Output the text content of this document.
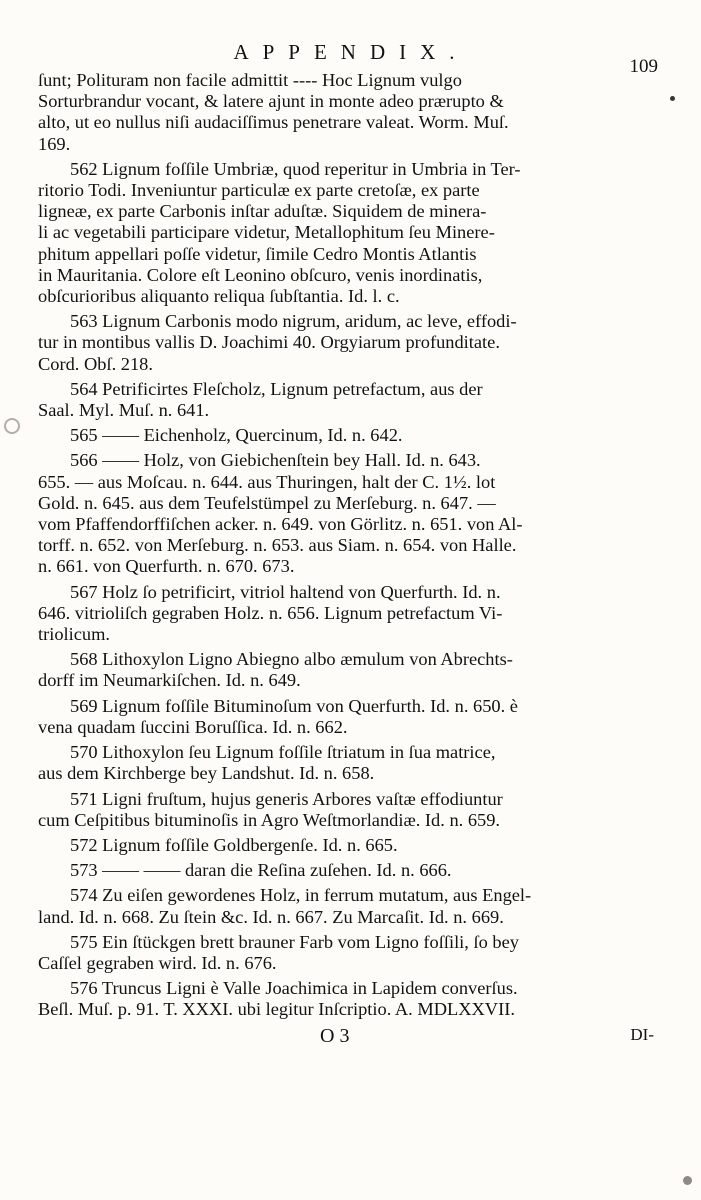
APPENDIX.
109
ſunt; Polituram non facile admittit ---- Hoc Lignum vulgo
Sorturbrandur vocant, & latere ajunt in monte adeo prærupto &
alto, ut eo nullus niſi audaciſſimus penetrare valeat. Worm. Muſ.
169.
562 Lignum foſſile Umbriæ, quod reperitur in Umbria in Ter-
ritorio Todi. Inveniuntur particulæ ex parte cretoſæ, ex parte
ligneæ, ex parte Carbonis inſtar aduſtæ. Siquidem de minera-
li ac vegetabili participare videtur, Metallophitum ſeu Minere-
phitum appellari poſſe videtur, ſimile Cedro Montis Atlantis
in Mauritania. Colore eſt Leonino obſcuro, venis inordinatis,
obſcurioribus aliquanto reliqua ſubſtantia. Id. l. c.
563 Lignum Carbonis modo nigrum, aridum, ac leve, effodi-
tur in montibus vallis D. Joachimi 40. Orgyiarum profunditate.
Cord. Obſ. 218.
564 Petrificirtes Fleſcholz, Lignum petrefactum, aus der
Saal. Myl. Muſ. n. 641.
565 —— Eichenholz, Quercinum, Id. n. 642.
566 —— Holz, von Giebichenſtein bey Hall. Id. n. 643.
655. — aus Moſcau. n. 644. aus Thuringen, halt der C. 1½. lot
Gold. n. 645. aus dem Teufelstümpel zu Merſeburg. n. 647. —
vom Pfaffendorffiſchen acker. n. 649. von Görlitz. n. 651. von Al-
torff. n. 652. von Merſeburg. n. 653. aus Siam. n. 654. von Halle.
n. 661. von Querfurth. n. 670. 673.
567 Holz ſo petrificirt, vitriol haltend von Querfurth. Id. n.
646. vitrioliſch gegraben Holz. n. 656. Lignum petrefactum Vi-
triolicum.
568 Lithoxylon Ligno Abiegno albo æmulum von Abrechts-
dorff im Neumarkiſchen. Id. n. 649.
569 Lignum foſſile Bituminoſum von Querfurth. Id. n. 650. è
vena quadam ſuccini Boruſſica. Id. n. 662.
570 Lithoxylon ſeu Lignum foſſile ſtriatum in ſua matrice,
aus dem Kirchberge bey Landshut. Id. n. 658.
571 Ligni fruſtum, hujus generis Arbores vaſtæ effodiuntur
cum Ceſpitibus bituminoſis in Agro Weſtmorlandiæ. Id. n. 659.
572 Lignum foſſile Goldbergenſe. Id. n. 665.
573 —— —— daran die Reſina zuſehen. Id. n. 666.
574 Zu eiſen gewordenes Holz, in ferrum mutatum, aus Engel-
land. Id. n. 668. Zu ſtein &c. Id. n. 667. Zu Marcaſit. Id. n. 669.
575 Ein ſtückgen brett brauner Farb vom Ligno foſſili, ſo bey
Caſſel gegraben wird. Id. n. 676.
576 Truncus Ligni è Valle Joachimica in Lapidem converſus.
Beſl. Muſ. p. 91. T. XXXI. ubi legitur Inſcriptio. A. MDLXXVII.
O 3	DI-
